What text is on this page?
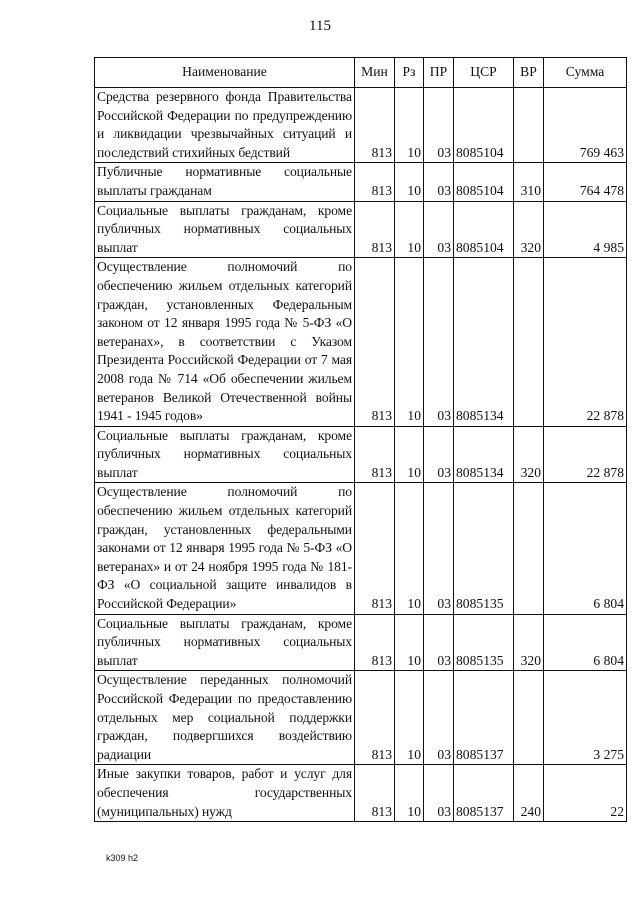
115
Наименование	Мин	Рз	ПР	ЦСР	ВР	Сумма
Средства резервного фонда Правительства Российской Федерации по предупреждению и ликвидации чрезвычайных ситуаций и последствий стихийных бедствий	813	10	03	8085104		769 463
Публичные нормативные социальные выплаты гражданам	813	10	03	8085104	310	764 478
Социальные выплаты гражданам, кроме публичных нормативных социальных выплат	813	10	03	8085104	320	4 985
Осуществление полномочий по обеспечению жильем отдельных категорий граждан, установленных Федеральным законом от 12 января 1995 года № 5-ФЗ «О ветеранах», в соответствии с Указом Президента Российской Федерации от 7 мая 2008 года № 714 «Об обеспечении жильем ветеранов Великой Отечественной войны 1941 - 1945 годов»	813	10	03	8085134		22 878
Социальные выплаты гражданам, кроме публичных нормативных социальных выплат	813	10	03	8085134	320	22 878
Осуществление полномочий по обеспечению жильем отдельных категорий граждан, установленных федеральными законами от 12 января 1995 года № 5-ФЗ «О ветеранах» и от 24 ноября 1995 года № 181-ФЗ «О социальной защите инвалидов в Российской Федерации»	813	10	03	8085135		6 804
Социальные выплаты гражданам, кроме публичных нормативных социальных выплат	813	10	03	8085135	320	6 804
Осуществление переданных полномочий Российской Федерации по предоставлению отдельных мер социальной поддержки граждан, подвергшихся воздействию радиации	813	10	03	8085137		3 275
Иные закупки товаров, работ и услуг для обеспечения государственных (муниципальных) нужд	813	10	03	8085137	240	22
k309 h2
